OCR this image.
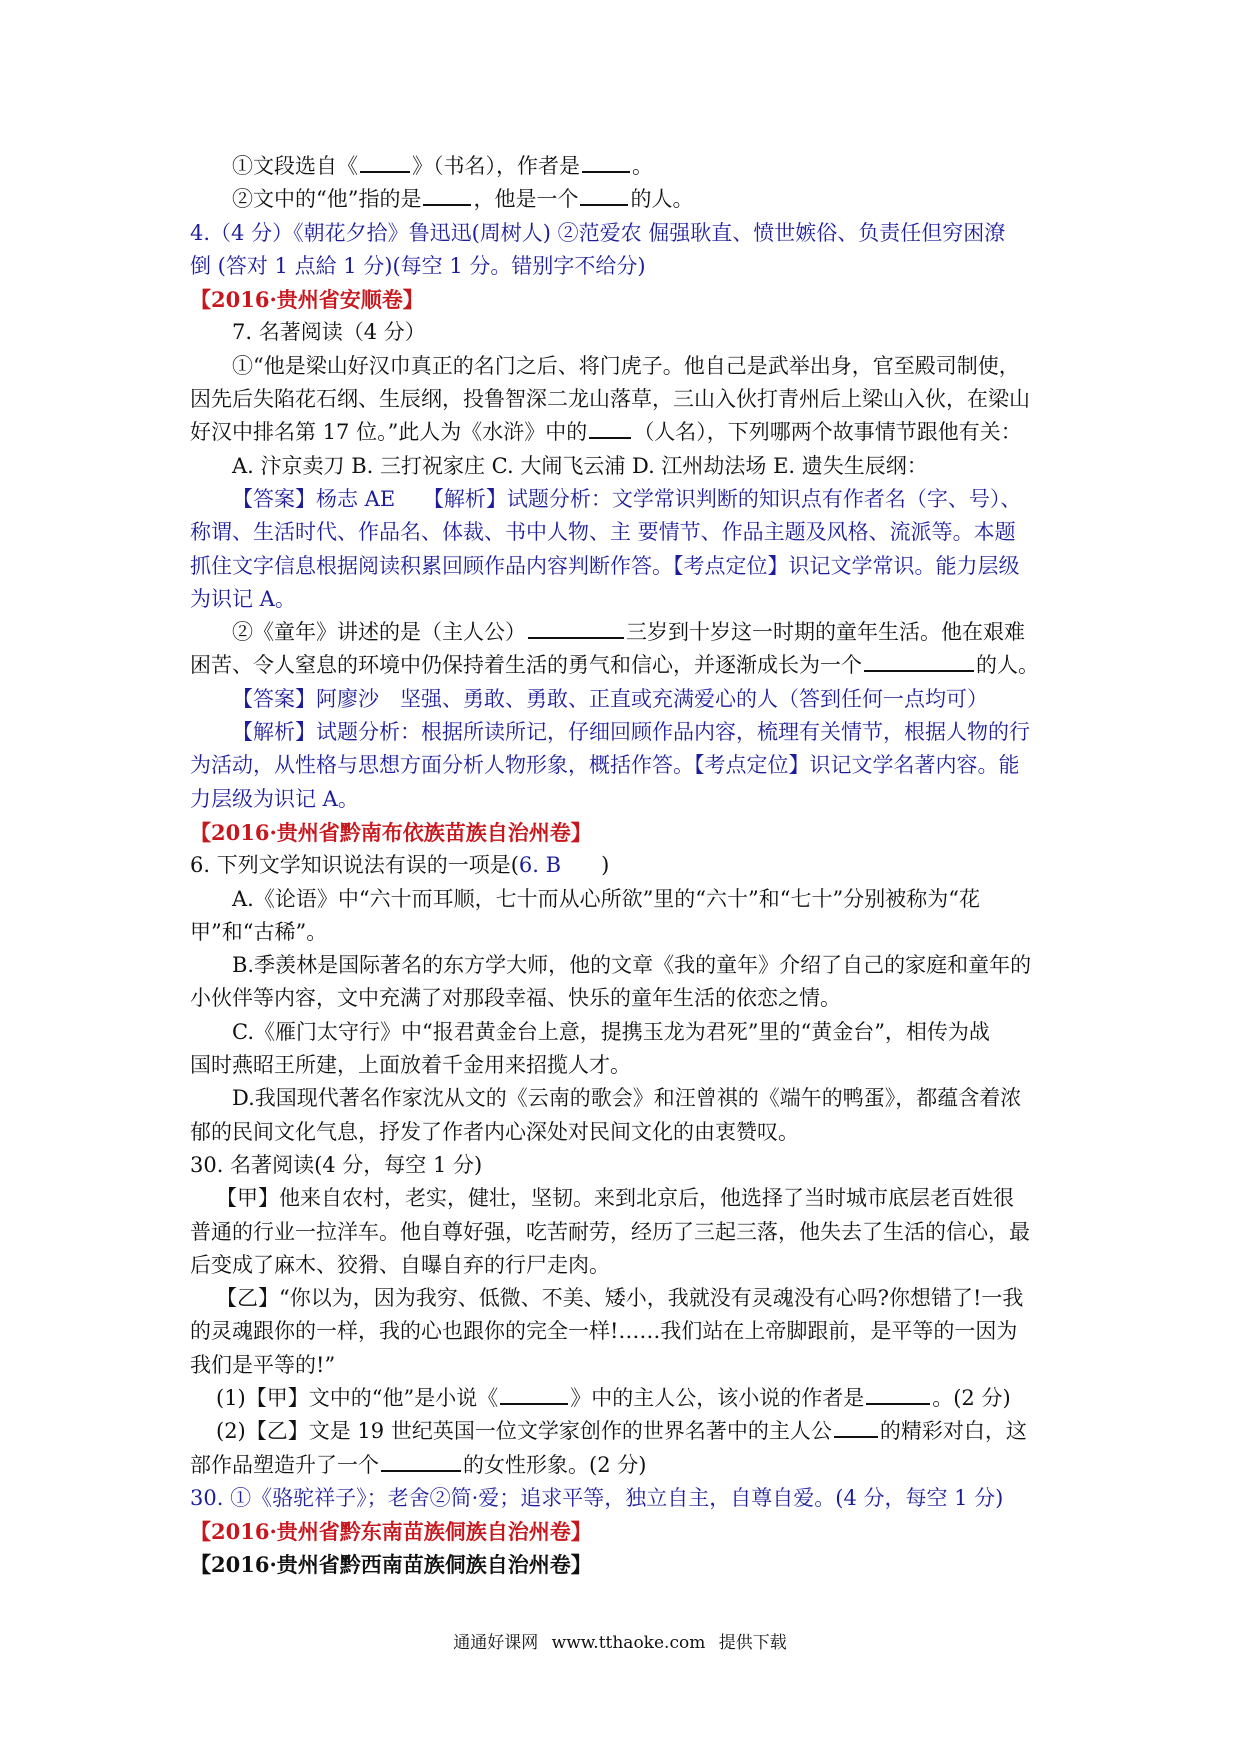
①文段选自《	》（书名），作者是 。

②文中的“他”指的是 ，他是一个 的人。

4.（4 分）《朝花夕拾》鲁迅迅(周树人) ②范爱农 倔强耿直、愤世嫉俗、负责任但穷困潦

倒 (答对 1 点給 1 分)(每空 1 分。错别字不给分)

【2016·贵州省安顺卷】

7. 名著阅读（4 分）

①“他是梁山好汉巾真正的名门之后、将门虎子。他自己是武举出身，官至殿司制使，

因先后失陷花石纲、生辰纲，投鲁智深二龙山落草，三山入伙打青州后上梁山入伙，在梁山

好汉中排名第 17 位。”此人为《水浒》中的 （人名），下列哪两个故事情节跟他有关：

A. 汴京卖刀 B. 三打祝家庄 C. 大闹飞云浦 D. 江州劫法场 E. 遗失生辰纲：

【答案】杨志 AE　 【解析】试题分析：文学常识判断的知识点有作者名（字、号）、

称谓、生活时代、作品名、体裁、书中人物、主 要情节、作品主题及风格、流派等。本题

抓住文字信息根据阅读积累回顾作品内容判断作答。【考点定位】识记文学常识。能力层级

为识记 A。

②《童年》讲述的是（主人公）	三岁到十岁这一时期的童年生活。他在艰难

困苦、令人窒息的环境中仍保持着生活的勇气和信心，并逐渐成长为一个	的人。

【答案】阿廖沙　坚强、勇敢、勇敢、正直或充满爱心的人（答到任何一点均可）

【解析】试题分析：根据所读所记，仔细回顾作品内容，梳理有关情节，根据人物的行

为活动，从性格与思想方面分析人物形象，概括作答。【考点定位】识记文学名著内容。能

力层级为识记 A。

【2016·贵州省黔南布依族苗族自治州卷】

6. 下列文学知识说法有误的一项是(6. B )

A.《论语》中“六十而耳顺，七十而从心所欲”里的“六十”和“七十”分别被称为“花

甲”和“古稀”。

B.季羡林是国际著名的东方学大师，他的文章《我的童年》介绍了自己的家庭和童年的

小伙伴等内容，文中充满了对那段幸福、快乐的童年生活的依恋之情。

C.《雁门太守行》中“报君黄金台上意，提携玉龙为君死”里的“黄金台”，相传为战

国时燕昭王所建，上面放着千金用来招揽人才。

D.我国现代著名作家沈从文的《云南的歌会》和汪曾祺的《端午的鸭蛋》，都蕴含着浓

郁的民间文化气息，抒发了作者内心深处对民间文化的由衷赞叹。

30. 名著阅读(4 分，每空 1 分)

【甲】他来自农村，老实，健壮，坚韧。来到北京后，他选择了当时城市底层老百姓很

普通的行业一拉洋车。他自尊好强，吃苦耐劳，经历了三起三落，他失去了生活的信心，最

后变成了麻木、狡猾、自曝自弃的行尸走肉。

【乙】“你以为，因为我穷、低微、不美、矮小，我就没有灵魂没有心吗?你想错了!一我

的灵魂跟你的一样，我的心也跟你的完全一样!……我们站在上帝脚跟前，是平等的一因为

我们是平等的!”

(1)【甲】文中的“他”是小说《	》中的主人公，该小说的作者是	。(2 分)

(2)【乙】文是 19 世纪英国一位文学家创作的世界名著中的主人公 的精彩对白，这

部作品塑造升了一个	的女性形象。(2 分)

30. ①《骆驼祥子》；老舍②简·爱；追求平等，独立自主，自尊自爱。(4 分，每空 1 分)

【2016·贵州省黔东南苗族侗族自治州卷】

【2016·贵州省黔西南苗族侗族自治州卷】

通通好课网 www.tthaoke.com 提供下载
